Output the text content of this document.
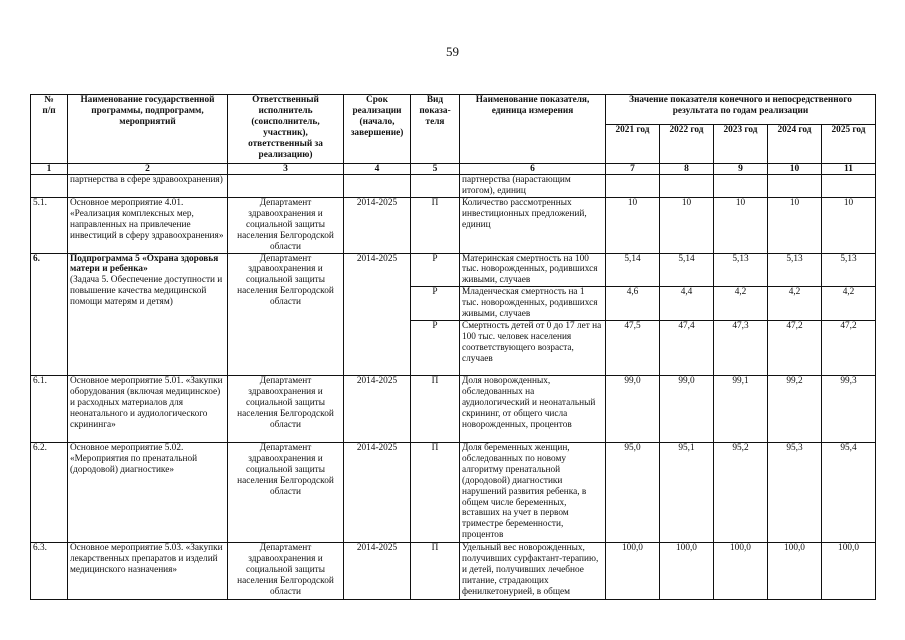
59
№
п/п	Наименование государственной программы, подпрограмм, мероприятий	Ответственный исполнитель (соисполнитель, участник), ответственный за реализацию)	Срок реализации (начало, завершение)	Вид показа- теля	Наименование показателя, единица измерения	Значение показателя конечного и непосредственного результата по годам реализации				
						2021 год	2022 год	2023 год	2024 год	2025 год
1	2	3	4	5	6	7	8	9	10	11
	партнерства в сфере здравоохранения)				партнерства (нарастающим итогом), единиц					
5.1.	Основное мероприятие 4.01. «Реализация комплексных мер, направленных на привлечение инвестиций в сферу здравоохранения»	Департамент здравоохранения и социальной защиты населения Белгородской области	2014-2025	П	Количество рассмотренных инвестиционных предложений, единиц	10	10	10	10	10
6.	Подпрограмма 5 «Охрана здоровья матери и ребенка»
(Задача 5. Обеспечение доступности и повышение качества медицинской помощи матерям и детям)	Департамент здравоохранения и социальной защиты населения Белгородской области	2014-2025	Р	Материнская смертность на 100 тыс. новорожденных, родившихся живыми, случаев	5,14	5,14	5,13	5,13	5,13
				Р	Младенческая смертность на 1 тыс. новорожденных, родившихся живыми, случаев	4,6	4,4	4,2	4,2	4,2
				Р	Смертность детей от 0 до 17 лет на 100 тыс. человек населения соответствующего возраста, случаев	47,5	47,4	47,3	47,2	47,2
6.1.	Основное мероприятие 5.01. «Закупки оборудования (включая медицинское) и расходных материалов для неонатального и аудиологического скрининга»	Департамент здравоохранения и социальной защиты населения Белгородской области	2014-2025	П	Доля новорожденных, обследованных на аудиологический и неонатальный скрининг, от общего числа новорожденных, процентов	99,0	99,0	99,1	99,2	99,3
6.2.	Основное мероприятие 5.02. «Мероприятия по пренатальной (дородовой) диагностике»	Департамент здравоохранения и социальной защиты населения Белгородской области	2014-2025	П	Доля беременных женщин, обследованных по новому алгоритму пренатальной (дородовой) диагностики нарушений развития ребенка, в общем числе беременных, вставших на учет в первом триместре беременности, процентов	95,0	95,1	95,2	95,3	95,4
6.3.	Основное мероприятие 5.03. «Закупки лекарственных препаратов и изделий медицинского назначения»	Департамент здравоохранения и социальной защиты населения Белгородской области	2014-2025	П	Удельный вес новорожденных, получивших сурфактант-терапию, и детей, получивших лечебное питание, страдающих фенилкетонурией, в общем	100,0	100,0	100,0	100,0	100,0
